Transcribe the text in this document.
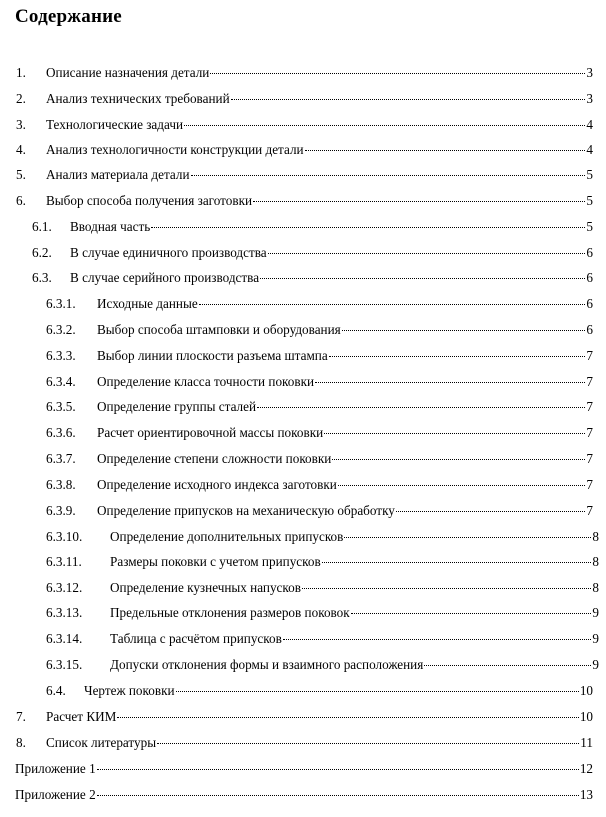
Содержание
1.	Описание назначения детали	3
2.	Анализ технических требований	3
3.	Технологические задачи	4
4.	Анализ технологичности конструкции детали	4
5.	Анализ материала детали	5
6.	Выбор способа получения заготовки	5
6.1.	Вводная часть	5
6.2.	В случае единичного производства	6
6.3.	В случае серийного производства	6
6.3.1.	Исходные данные	6
6.3.2.	Выбор способа штамповки и оборудования	6
6.3.3.	Выбор линии плоскости разъема штампа	7
6.3.4.	Определение класса точности поковки	7
6.3.5.	Определение группы сталей	7
6.3.6.	Расчет ориентировочной массы поковки	7
6.3.7.	Определение степени сложности поковки	7
6.3.8.	Определение исходного индекса заготовки	7
6.3.9.	Определение припусков на механическую обработку	7
6.3.10.	Определение дополнительных припусков	8
6.3.11.	Размеры поковки с учетом припусков	8
6.3.12.	Определение кузнечных напусков	8
6.3.13.	Предельные отклонения размеров поковок	9
6.3.14.	Таблица с расчётом припусков	9
6.3.15.	Допуски отклонения формы и взаимного расположения	9
6.4.	Чертеж поковки	10
7.	Расчет КИМ	10
8.	Список литературы	11
Приложение 1	12
Приложение 2	13
